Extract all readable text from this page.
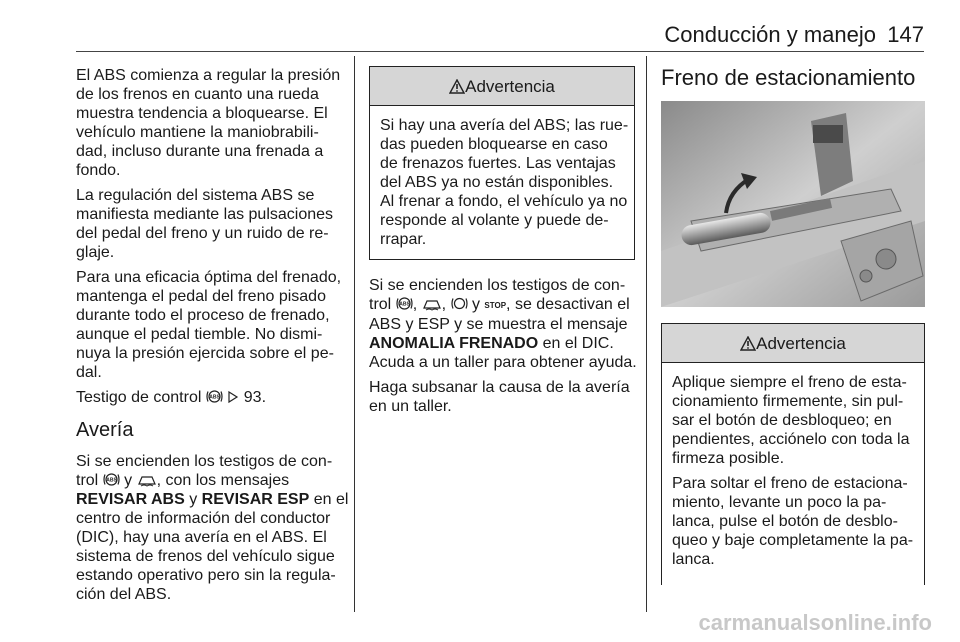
Conducción y manejo 147
El ABS comienza a regular la presión
de los frenos en cuanto una rueda
muestra tendencia a bloquearse. El
vehículo mantiene la maniobrabili-
dad, incluso durante una frenada a
fondo.
La regulación del sistema ABS se
manifiesta mediante las pulsaciones
del pedal del freno y un ruido de re-
glaje.
Para una eficacia óptima del frenado,
mantenga el pedal del freno pisado
durante todo el proceso de frenado,
aunque el pedal tiemble. No dismi-
nuya la presión ejercida sobre el pe-
dal.
Testigo de control ABS 93.
Avería
Si se encienden los testigos de con-
trol ABS y , con los mensajes
REVISAR ABS y REVISAR ESP en el
centro de información del conductor
(DIC), hay una avería en el ABS. El
sistema de frenos del vehículo sigue
estando operativo pero sin la regula-
ción del ABS.
Advertencia
Si hay una avería del ABS; las rue-
das pueden bloquearse en caso
de frenazos fuertes. Las ventajas
del ABS ya no están disponibles.
Al frenar a fondo, el vehículo ya no
responde al volante y puede de-
rrapar.
Si se encienden los testigos de con-
trol ABS , , y STOP, se desactivan el
ABS y ESP y se muestra el mensaje
ANOMALIA FRENADO en el DIC.
Acuda a un taller para obtener ayuda.
Haga subsanar la causa de la avería
en un taller.
Freno de estacionamiento
Advertencia
Aplique siempre el freno de esta-
cionamiento firmemente, sin pul-
sar el botón de desbloqueo; en
pendientes, acciónelo con toda la
firmeza posible.
Para soltar el freno de estaciona-
miento, levante un poco la pa-
lanca, pulse el botón de desblo-
queo y baje completamente la pa-
lanca.
carmanualsonline.info
